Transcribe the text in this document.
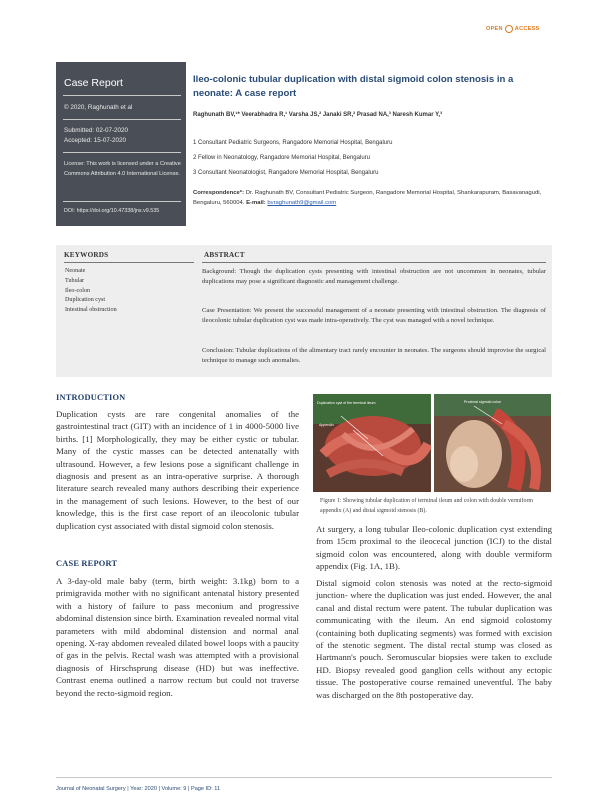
OPEN ACCESS
Case Report
© 2020, Raghunath et al
Submitted: 02-07-2020
Accepted: 15-07-2020
License: This work is licensed under a Creative Commons Attribution 4.0 International License.
DOI: https://doi.org/10.47338/jns.v9.535
Ileo-colonic tubular duplication with distal sigmoid colon stenosis in a neonate: A case report
Raghunath BV,¹* Veerabhadra R,¹ Varsha JS,² Janaki SR,² Prasad NA,³ Naresh Kumar Y,³
1 Consultant Pediatric Surgeons, Rangadore Memorial Hospital, Bengaluru
2 Fellow in Neonatology, Rangadore Memorial Hospital, Bengaluru
3 Consultant Neonatologist, Rangadore Memorial Hospital, Bengaluru
Correspondence*: Dr. Raghunath BV, Consultant Pediatric Surgeon, Rangadore Memorial Hospital, Shankarapuram, Basavanagudi, Bengaluru, 560004. E-mail: bvraghunath9@gmail.com
KEYWORDS	ABSTRACT
Neonate
Tubular
Ileo-colon
Duplication cyst
Intestinal obstruction
Background: Though the duplication cysts presenting with intestinal obstruction are not uncommon in neonates, tubular duplications may pose a significant diagnostic and management challenge.
Case Presentation: We present the successful management of a neonate presenting with intestinal obstruction. The diagnosis of ileocolonic tubular duplication cyst was made intra-operatively. The cyst was managed with a novel technique.
Conclusion: Tubular duplications of the alimentary tract rarely encounter in neonates. The surgeons should improvise the surgical technique to manage such anomalies.
INTRODUCTION
Duplication cysts are rare congenital anomalies of the gastrointestinal tract (GIT) with an incidence of 1 in 4000-5000 live births. [1] Morphologically, they may be either cystic or tubular. Many of the cystic masses can be detected antenatally with ultrasound. However, a few lesions pose a significant challenge in diagnosis and present as an intra-operative surprise. A thorough literature search revealed many authors describing their experience in the management of such lesions. However, to the best of our knowledge, this is the first case report of an ileocolonic tubular duplication cyst associated with distal sigmoid colon stenosis.
CASE REPORT
A 3-day-old male baby (term, birth weight: 3.1kg) born to a primigravida mother with no significant antenatal history presented with a history of failure to pass meconium and progressive abdominal distension since birth. Examination revealed normal vital parameters with mild abdominal distension and normal anal opening. X-ray abdomen revealed dilated bowel loops with a paucity of gas in the pelvis. Rectal wash was attempted with a provisional diagnosis of Hirschsprung disease (HD) but was ineffective. Contrast enema outlined a narrow rectum but could not traverse beyond the recto-sigmoid region.
Duplication cyst of the terminal ileum
Appendix
Proximal sigmoid colon
Figure 1: Showing tubular duplication of terminal ileum and colon with double vermiform appendix (A) and distal sigmoid stenosis (B).
At surgery, a long tubular Ileo-colonic duplication cyst extending from 15cm proximal to the ileocecal junction (ICJ) to the distal sigmoid colon was encountered, along with double vermiform appendix (Fig. 1A, 1B).
Distal sigmoid colon stenosis was noted at the recto-sigmoid junction- where the duplication was just ended. However, the anal canal and distal rectum were patent. The tubular duplication was communicating with the ileum. An end sigmoid colostomy (containing both duplicating segments) was formed with excision of the stenotic segment. The distal rectal stump was closed as Hartmann's pouch. Seromuscular biopsies were taken to exclude HD. Biopsy revealed good ganglion cells without any ectopic tissue. The postoperative course remained uneventful. The baby was discharged on the 8th postoperative day.
Journal of Neonatal Surgery | Year: 2020 | Volume: 9 | Page ID: 11
